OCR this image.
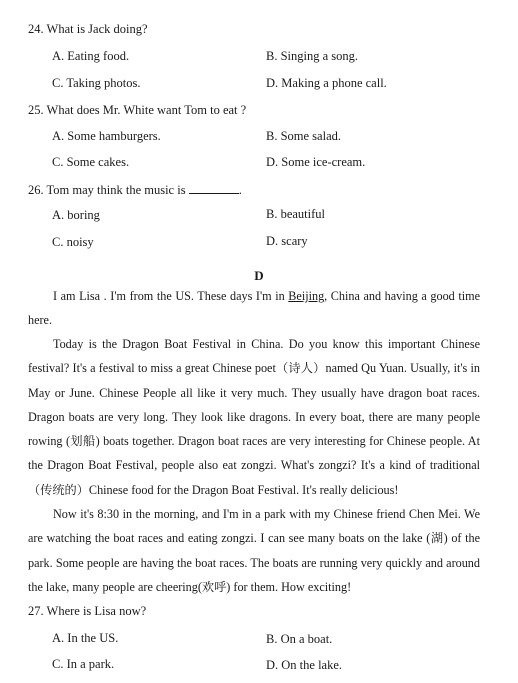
24. What is Jack doing?
A. Eating food.	B. Singing a song.
C. Taking photos.	D. Making a phone call.
25. What does Mr. White want Tom to eat ?
A. Some hamburgers.	B. Some salad.
C. Some cakes.	D. Some ice-cream.
26. Tom may think the music is	.
A. boring	B. beautiful
C. noisy	D. scary
D
I am Lisa . I'm from the US. These days I'm in Beijing, China and having a good time here.
Today is the Dragon Boat Festival in China. Do you know this important Chinese festival? It's a festival to miss a great Chinese poet（诗人）named Qu Yuan. Usually, it's in May or June. Chinese People all like it very much. They usually have dragon boat races. Dragon boats are very long. They look like dragons. In every boat, there are many people rowing (划船) boats together. Dragon boat races are very interesting for Chinese people. At the Dragon Boat Festival, people also eat zongzi. What's zongzi? It's a kind of traditional（传统的）Chinese food for the Dragon Boat Festival. It's really delicious!
Now it's 8:30 in the morning, and I'm in a park with my Chinese friend Chen Mei. We are watching the boat races and eating zongzi. I can see many boats on the lake (湖) of the park. Some people are having the boat races. The boats are running very quickly and around the lake, many people are cheering(欢呼) for them. How exciting!
27. Where is Lisa now?
A. In the US.	B. On a boat.
C. In a park.	D. On the lake.
